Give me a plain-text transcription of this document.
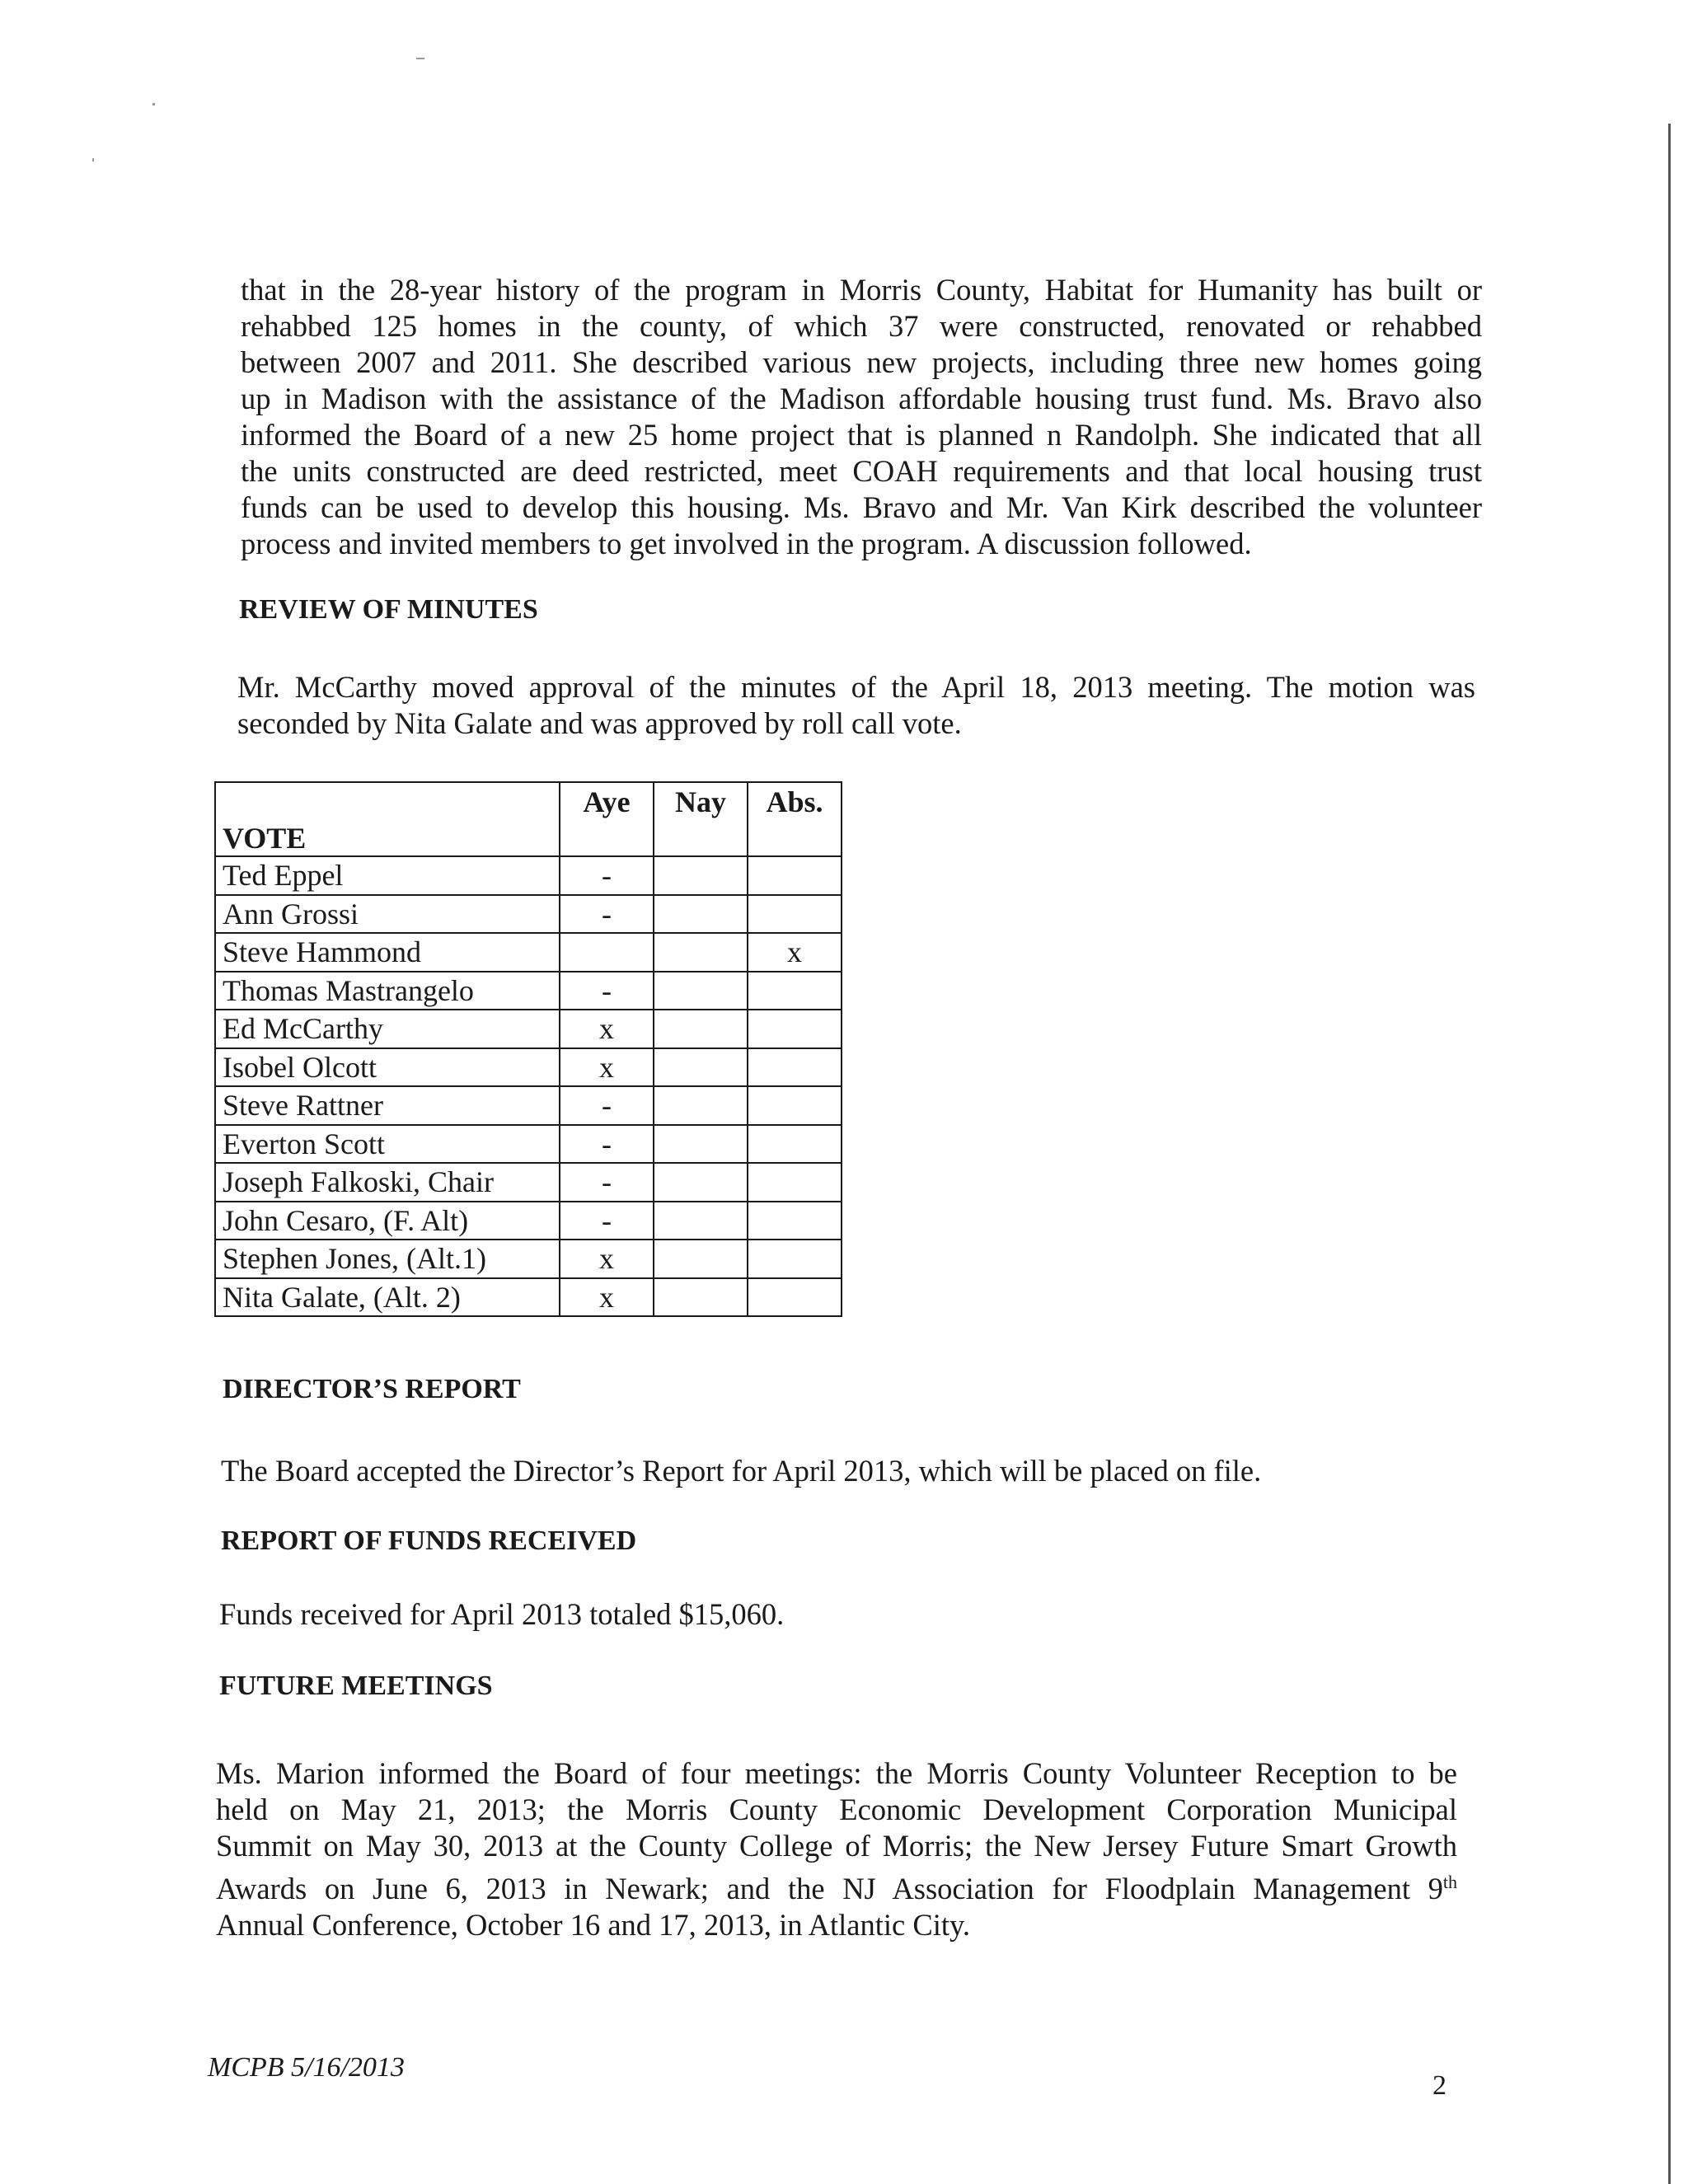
that in the 28-year history of the program in Morris County, Habitat for Humanity has built or
rehabbed 125 homes in the county, of which 37 were constructed, renovated or rehabbed
between 2007 and 2011. She described various new projects, including three new homes going
up in Madison with the assistance of the Madison affordable housing trust fund. Ms. Bravo also
informed the Board of a new 25 home project that is planned n Randolph. She indicated that all
the units constructed are deed restricted, meet COAH requirements and that local housing trust
funds can be used to develop this housing. Ms. Bravo and Mr. Van Kirk described the volunteer
process and invited members to get involved in the program. A discussion followed.
REVIEW OF MINUTES
Mr. McCarthy moved approval of the minutes of the April 18, 2013 meeting. The motion was
seconded by Nita Galate and was approved by roll call vote.
VOTE	Aye	Nay	Abs.
Ted Eppel	-		
Ann Grossi	-		
Steve Hammond			x
Thomas Mastrangelo	-		
Ed McCarthy	x		
Isobel Olcott	x		
Steve Rattner	-		
Everton Scott	-		
Joseph Falkoski, Chair	-		
John Cesaro, (F. Alt)	-		
Stephen Jones, (Alt.1)	x		
Nita Galate, (Alt. 2)	x		
DIRECTOR’S REPORT

The Board accepted the Director’s Report for April 2013, which will be placed on file.

REPORT OF FUNDS RECEIVED

Funds received for April 2013 totaled $15,060.

FUTURE MEETINGS
Ms. Marion informed the Board of four meetings: the Morris County Volunteer Reception to be
held on May 21, 2013; the Morris County Economic Development Corporation Municipal
Summit on May 30, 2013 at the County College of Morris; the New Jersey Future Smart Growth
Awards on June 6, 2013 in Newark; and the NJ Association for Floodplain Management 9th
Annual Conference, October 16 and 17, 2013, in Atlantic City.
MCPB 5/16/2013
2
